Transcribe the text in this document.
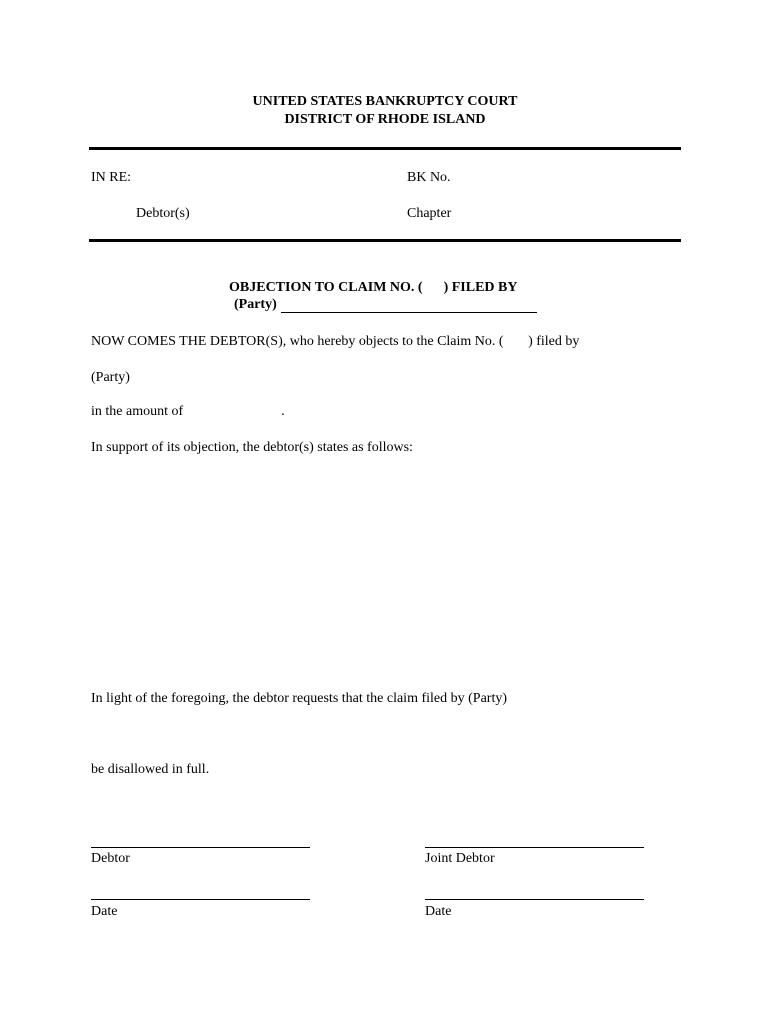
UNITED STATES BANKRUPTCY COURT
DISTRICT OF RHODE ISLAND
IN RE:	BK No.
Debtor(s)	Chapter
OBJECTION TO CLAIM NO. (      ) FILED BY
(Party)
NOW COMES THE DEBTOR(S), who hereby objects to the Claim No. (       ) filed by
(Party)
in the amount of                            .
In support of its objection, the debtor(s) states as follows:
In light of the foregoing, the debtor requests that the claim filed by (Party)
be disallowed in full.
Debtor	Joint Debtor
Date	Date
